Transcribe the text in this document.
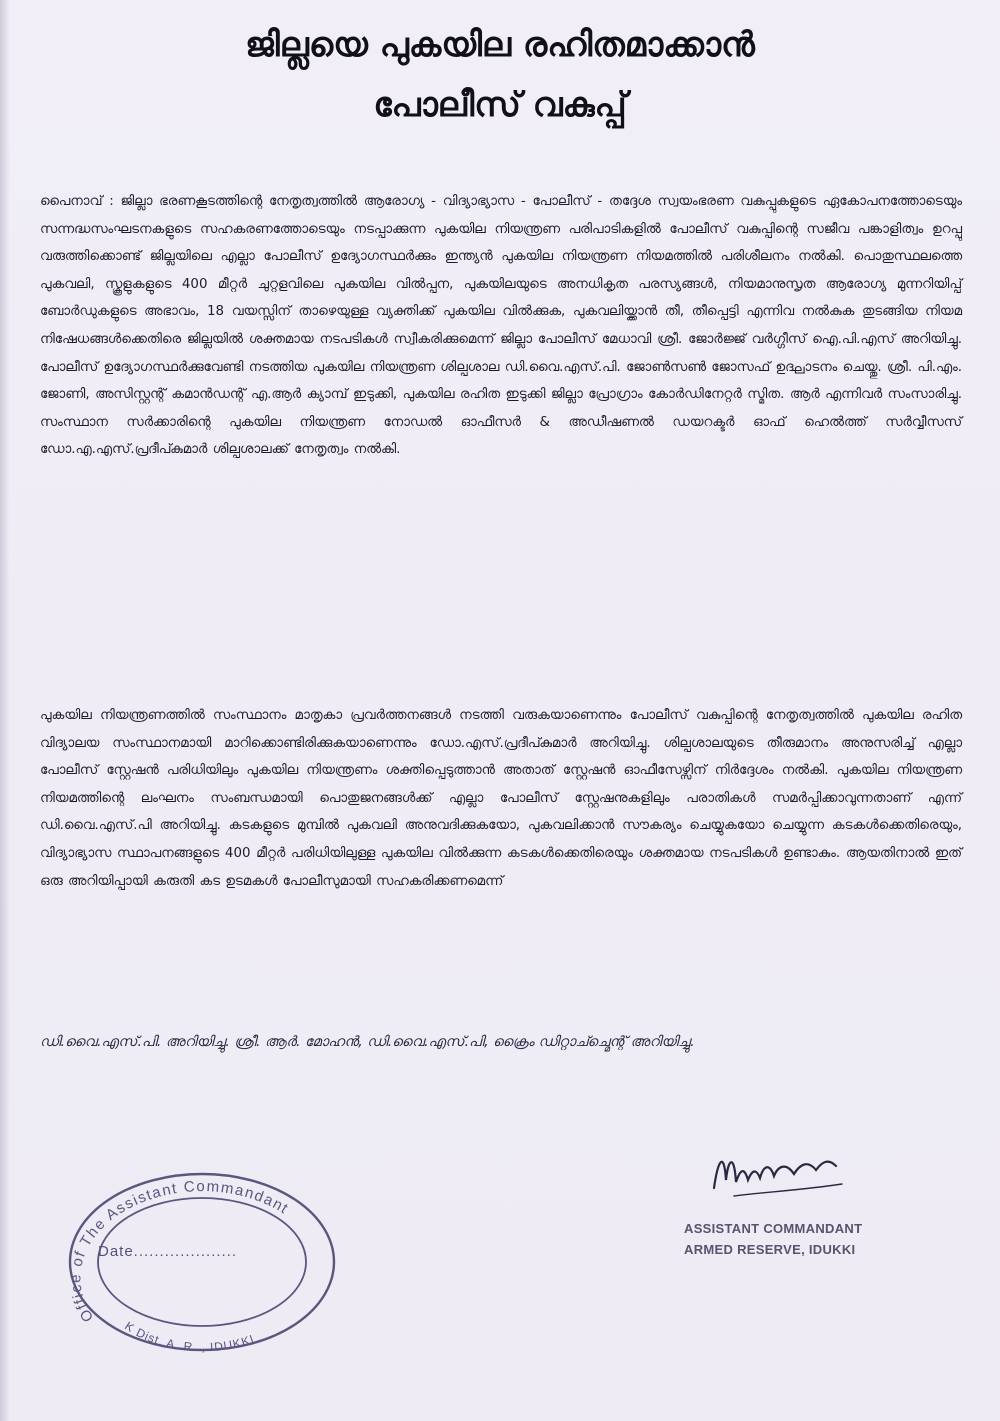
ജില്ലയെ പുകയില രഹിതമാക്കാൻ
പോലീസ് വകുപ്പ്

പൈനാവ് : ജില്ലാ ഭരണകൂടത്തിന്റെ നേതൃത്വത്തിൽ ആരോഗ്യ - വിദ്യാഭ്യാസ - പോലീസ് - തദ്ദേശ സ്വയംഭരണ വകുപ്പുകളുടെ ഏകോപനത്തോടെയും സന്നദ്ധസംഘടനകളുടെ സഹകരണത്തോടെയും നടപ്പാക്കുന്ന പുകയില നിയന്ത്രണ പരിപാടികളിൽ പോലീസ് വകുപ്പിന്റെ സജീവ പങ്കാളിത്വം ഉറപ്പു വരുത്തിക്കൊണ്ട് ജില്ലയിലെ എല്ലാ പോലീസ് ഉദ്യോഗസ്ഥർക്കും ഇന്ത്യൻ പുകയില നിയന്ത്രണ നിയമത്തിൽ പരിശീലനം നൽകി. പൊതുസ്ഥലത്തെ പുകവലി, സ്കൂളുകളുടെ 400 മീറ്റർ ചുറ്റളവിലെ പുകയില വിൽപ്പന, പുകയിലയുടെ അനധികൃത പരസ്യങ്ങൾ, നിയമാനുസൃത ആരോഗ്യ മുന്നറിയിപ്പ് ബോർഡുകളുടെ അഭാവം, 18 വയസ്സിന് താഴെയുള്ള വ്യക്തിക്ക് പുകയില വിൽക്കുക, പുകവലിയ്ക്കാൻ തീ, തീപ്പെട്ടി എന്നിവ നൽകുക തുടങ്ങിയ നിയമ നിഷേധങ്ങൾക്കെതിരെ ജില്ലയിൽ ശക്തമായ നടപടികൾ സ്വീകരിക്കുമെന്ന് ജില്ലാ പോലീസ് മേധാവി ശ്രീ. ജോർജ്ജ് വർഗ്ഗീസ് ഐ.പി.എസ് അറിയിച്ചു. പോലീസ് ഉദ്യോഗസ്ഥർക്കുവേണ്ടി നടത്തിയ പുകയില നിയന്ത്രണ ശില്പശാല ഡി.വൈ.എസ്.പി. ജോൺസൺ ജോസഫ് ഉദ്ഘാടനം ചെയ്തു. ശ്രീ. പി.എം. ജോണി, അസിസ്റ്റന്റ് കമാൻഡന്റ് എ.ആർ ക്യാമ്പ് ഇടുക്കി, പുകയില രഹിത ഇടുക്കി ജില്ലാ പ്രോഗ്രാം കോർഡിനേറ്റർ സ്മിത. ആർ എന്നിവർ സംസാരിച്ചു. സംസ്ഥാന സർക്കാരിന്റെ പുകയില നിയന്ത്രണ നോഡൽ ഓഫീസർ & അഡീഷണൽ ഡയറക്ടർ ഓഫ് ഹെൽത്ത് സർവ്വീസസ് ഡോ.എ.എസ്.പ്രദീപ്കുമാർ ശില്പശാലക്ക് നേതൃത്വം നൽകി.

പുകയില നിയന്ത്രണത്തിൽ സംസ്ഥാനം മാതൃകാ പ്രവർത്തനങ്ങൾ നടത്തി വരുകയാണെന്നും പോലീസ് വകുപ്പിന്റെ നേതൃത്വത്തിൽ പുകയില രഹിത വിദ്യാലയ സംസ്ഥാനമായി മാറിക്കൊണ്ടിരിക്കുകയാണെന്നും ഡോ.എസ്.പ്രദീപ്കുമാർ അറിയിച്ചു. ശില്പശാലയുടെ തീരുമാനം അനുസരിച്ച് എല്ലാ പോലീസ് സ്റ്റേഷൻ പരിധിയിലും പുകയില നിയന്ത്രണം ശക്തിപ്പെടുത്താൻ അതാത് സ്റ്റേഷൻ ഓഫീസേഴ്സിന് നിർദ്ദേശം നൽകി. പുകയില നിയന്ത്രണ നിയമത്തിന്റെ ലംഘനം സംബന്ധമായി പൊതുജനങ്ങൾക്ക് എല്ലാ പോലീസ് സ്റ്റേഷനുകളിലും പരാതികൾ സമർപ്പിക്കാവുന്നതാണ് എന്ന് ഡി.വൈ.എസ്.പി അറിയിച്ചു. കടകളുടെ മുമ്പിൽ പുകവലി അനുവദിക്കുകയോ, പുകവലിക്കാൻ സൗകര്യം ചെയ്യുകയോ ചെയ്യുന്ന കടകൾക്കെതിരെയും, വിദ്യാഭ്യാസ സ്ഥാപനങ്ങളുടെ 400 മീറ്റർ പരിധിയിലുള്ള പുകയില വിൽക്കുന്ന കടകൾക്കെതിരെയും ശക്തമായ നടപടികൾ ഉണ്ടാകും. ആയതിനാൽ ഇത് ഒരു അറിയിപ്പായി കരുതി കട ഉടമകൾ പോലീസുമായി സഹകരിക്കണമെന്ന്

ഡി.വൈ.എസ്.പി. അറിയിച്ചു. ശ്രീ. ആർ. മോഹൻ, ഡി.വൈ.എസ്.പി, ക്രൈം ഡിറ്റാച്ച്മെന്റ് അറിയിച്ചു.
ASSISTANT COMMANDANT
ARMED RESERVE, IDUKKI
Office of The Assistant Commandant
K Dist. A. R. , IDUKKI
Date....................
